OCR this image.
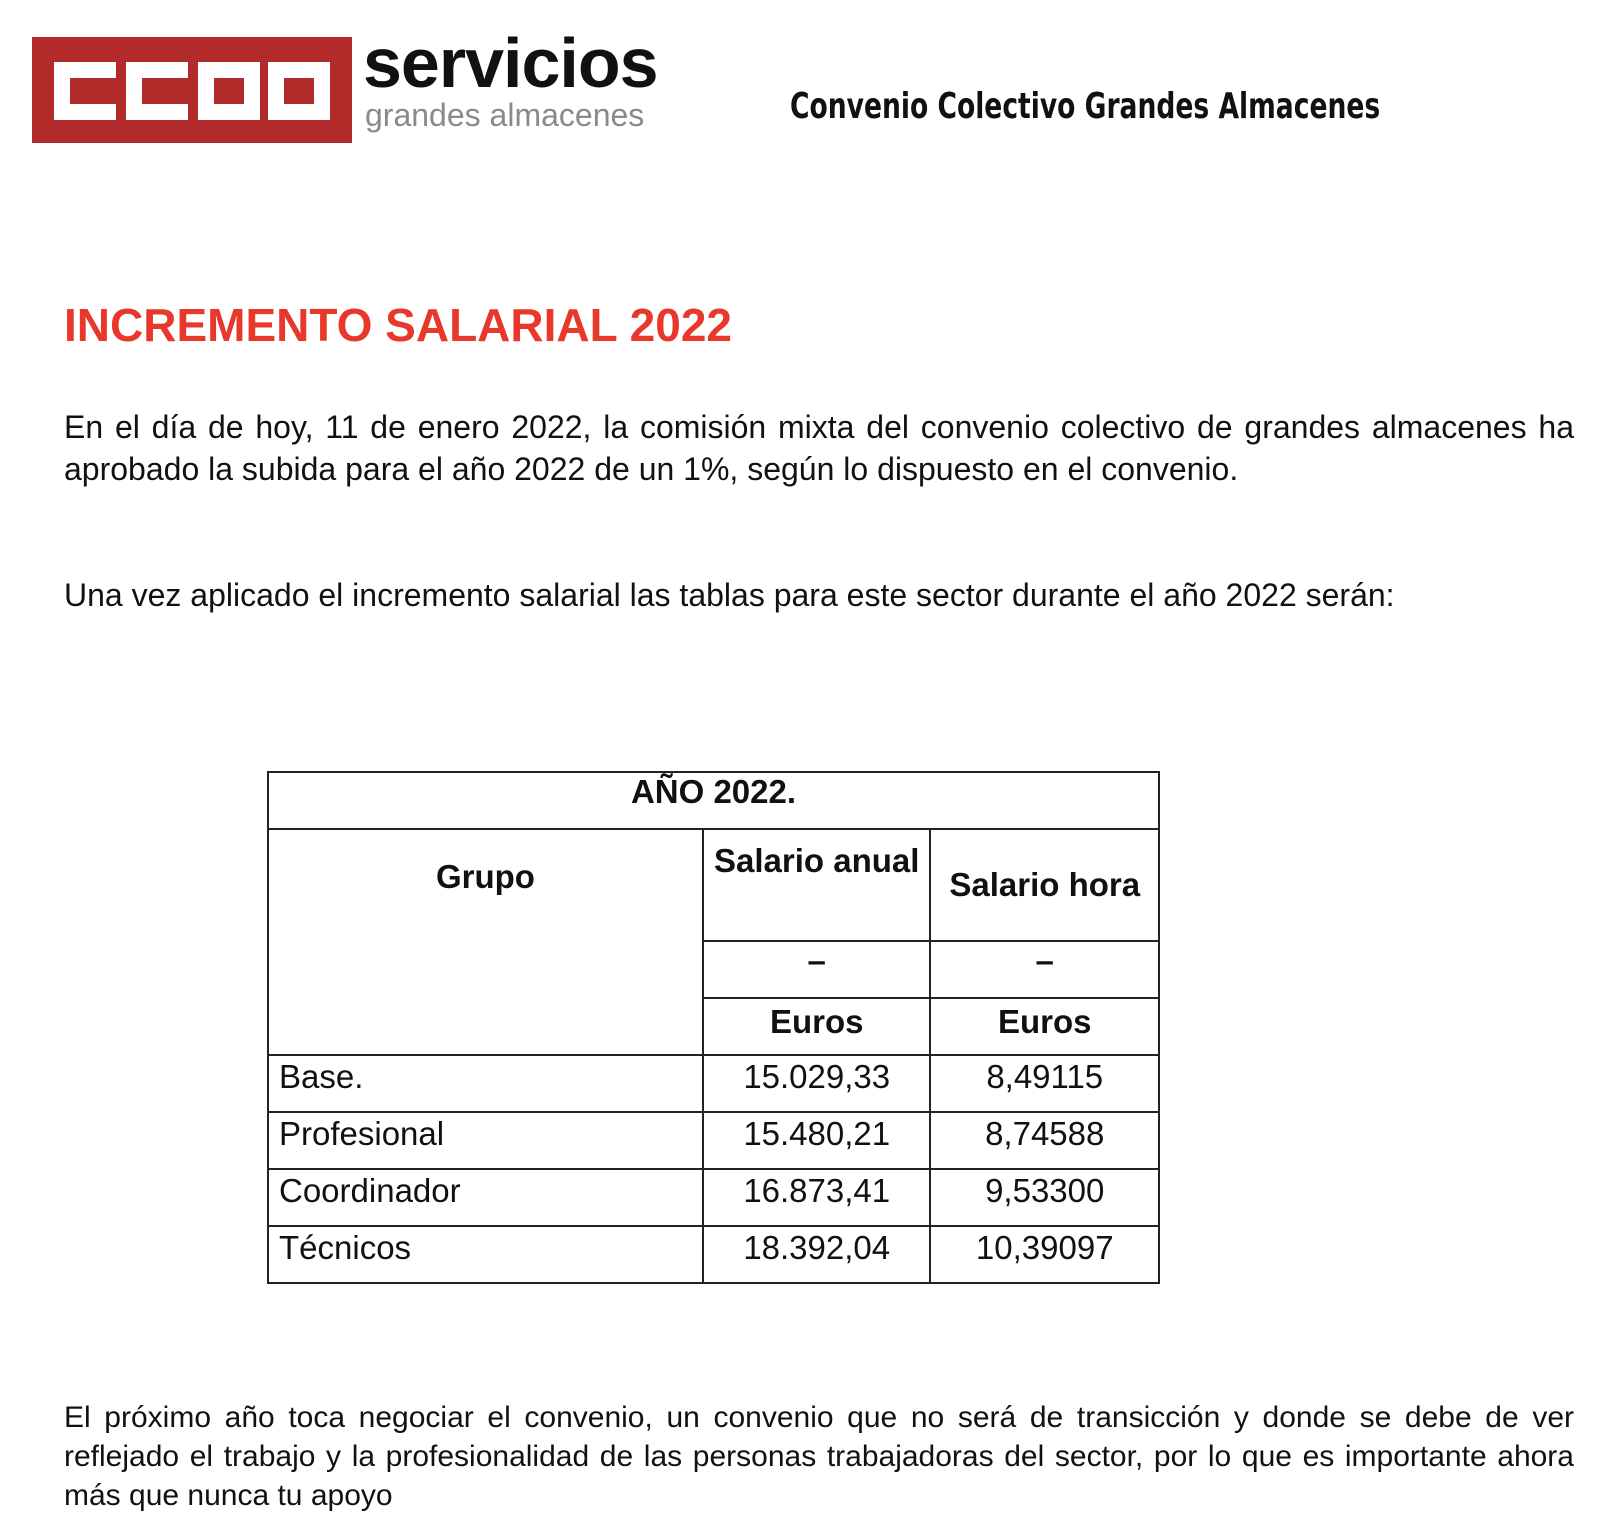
servicios
grandes almacenes	Convenio Colectivo Grandes Almacenes
INCREMENTO SALARIAL 2022

En el día de hoy, 11 de enero 2022, la comisión mixta del convenio colectivo de grandes almacenes ha aprobado la subida para el año 2022 de un 1%, según lo dispuesto en el convenio.

Una vez aplicado el incremento salarial las tablas para este sector durante el año 2022 serán:

AÑO 2022.		
Grupo	Salario anual	Salario hora
	–	–
	Euros	Euros
Base.	15.029,33	8,49115
Profesional	15.480,21	8,74588
Coordinador	16.873,41	9,53300
Técnicos	18.392,04	10,39097

El próximo año toca negociar el convenio, un convenio que no será de transicción y donde se debe de ver reflejado el trabajo y la profesionalidad de las personas trabajadoras del sector, por lo que es importante ahora más que nunca tu apoyo
